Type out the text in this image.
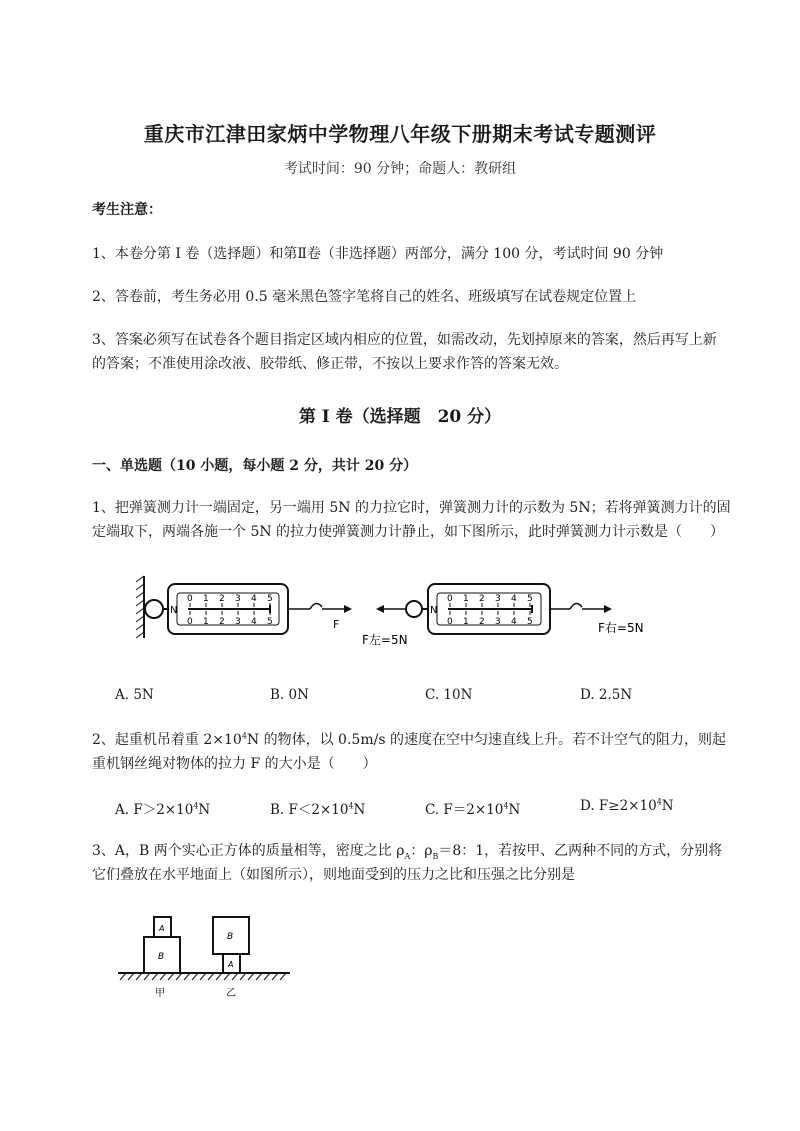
重庆市江津田家炳中学物理八年级下册期末考试专题测评
考试时间：90 分钟；命题人：教研组
考生注意：
1、本卷分第 I 卷（选择题）和第Ⅱ卷（非选择题）两部分，满分 100 分，考试时间 90 分钟
2、答卷前，考生务必用 0.5 毫米黑色签字笔将自己的姓名、班级填写在试卷规定位置上
3、答案必须写在试卷各个题目指定区域内相应的位置，如需改动，先划掉原来的答案，然后再写上新
的答案；不准使用涂改液、胶带纸、修正带，不按以上要求作答的答案无效。
第 I 卷（选择题　20 分）
一、单选题（10 小题，每小题 2 分，共计 20 分）
1、把弹簧测力计一端固定，另一端用 5N 的力拉它时，弹簧测力计的示数为 5N；若将弹簧测力计的固
定端取下，两端各施一个 5N 的拉力使弹簧测力计静止，如下图所示，此时弹簧测力计示数是（　　）
0 1 2 3 4 5
0 1 2 3 4 5
N
F
0 1 2 3 4 5
0 1 2 3 4 5
N
F左=5N
F右=5N
A. 5N	B. 0N	C. 10N	D. 2.5N
2、起重机吊着重 $2\times 10^4N$ 的物体，以 0.5m/s 的速度在空中匀速直线上升。若不计空气的阻力，则起
重机钢丝绳对物体的拉力 F 的大小是（　　）
A. $F>2\times 10^4N$	B. $F<2\times 10^4N$	C. $F=2\times 10^4N$	D. $F\ge 2\times 10^4N$
3、A，B 两个实心正方体的质量相等，密度之比 $\rho_A$：$\rho_B=8$：1，若按甲、乙两种不同的方式，分别将
它们叠放在水平地面上（如图所示），则地面受到的压力之比和压强之比分别是
B
A
甲
A
B
乙
